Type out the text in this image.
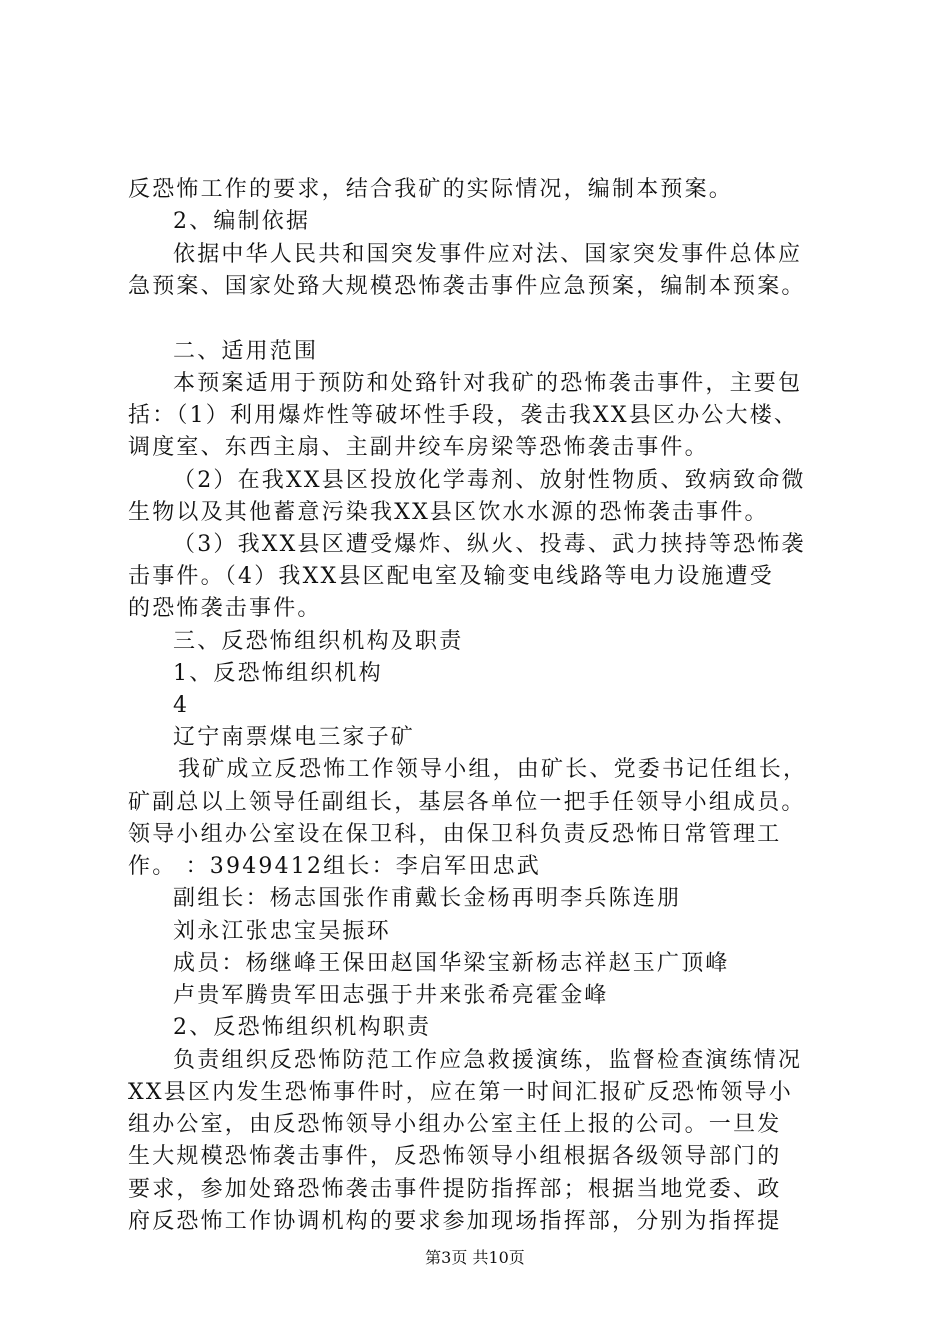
反恐怖工作的要求，结合我矿的实际情况，编制本预案。
2、编制依据
依据中华人民共和国突发事件应对法、国家突发事件总体应
急预案、国家处臵大规模恐怖袭击事件应急预案，编制本预案。
二、适用范围
本预案适用于预防和处臵针对我矿的恐怖袭击事件，主要包
括：（1）利用爆炸性等破坏性手段，袭击我XX县区办公大楼、
调度室、东西主扇、主副井绞车房梁等恐怖袭击事件。
（2）在我XX县区投放化学毒剂、放射性物质、致病致命微
生物以及其他蓄意污染我XX县区饮水水源的恐怖袭击事件。
（3）我XX县区遭受爆炸、纵火、投毒、武力挟持等恐怖袭
击事件。（4）我XX县区配电室及输变电线路等电力设施遭受
的恐怖袭击事件。
三、反恐怖组织机构及职责
1、反恐怖组织机构
4
辽宁南票煤电三家子矿
我矿成立反恐怖工作领导小组，由矿长、党委书记任组长，
矿副总以上领导任副组长，基层各单位一把手任领导小组成员。
领导小组办公室设在保卫科，由保卫科负责反恐怖日常管理工
作。 ：3949412组长：李启军田忠武
副组长：杨志国张作甫戴长金杨再明李兵陈连朋
刘永江张忠宝吴振环
成员：杨继峰王保田赵国华梁宝新杨志祥赵玉广顶峰
卢贵军腾贵军田志强于井来张希亮霍金峰
2、反恐怖组织机构职责
负责组织反恐怖防范工作应急救援演练，监督检查演练情况
XX县区内发生恐怖事件时，应在第一时间汇报矿反恐怖领导小
组办公室，由反恐怖领导小组办公室主任上报的公司。一旦发
生大规模恐怖袭击事件，反恐怖领导小组根据各级领导部门的
要求，参加处臵恐怖袭击事件提防指挥部；根据当地党委、政
府反恐怖工作协调机构的要求参加现场指挥部，分别为指挥提
第3页 共10页
